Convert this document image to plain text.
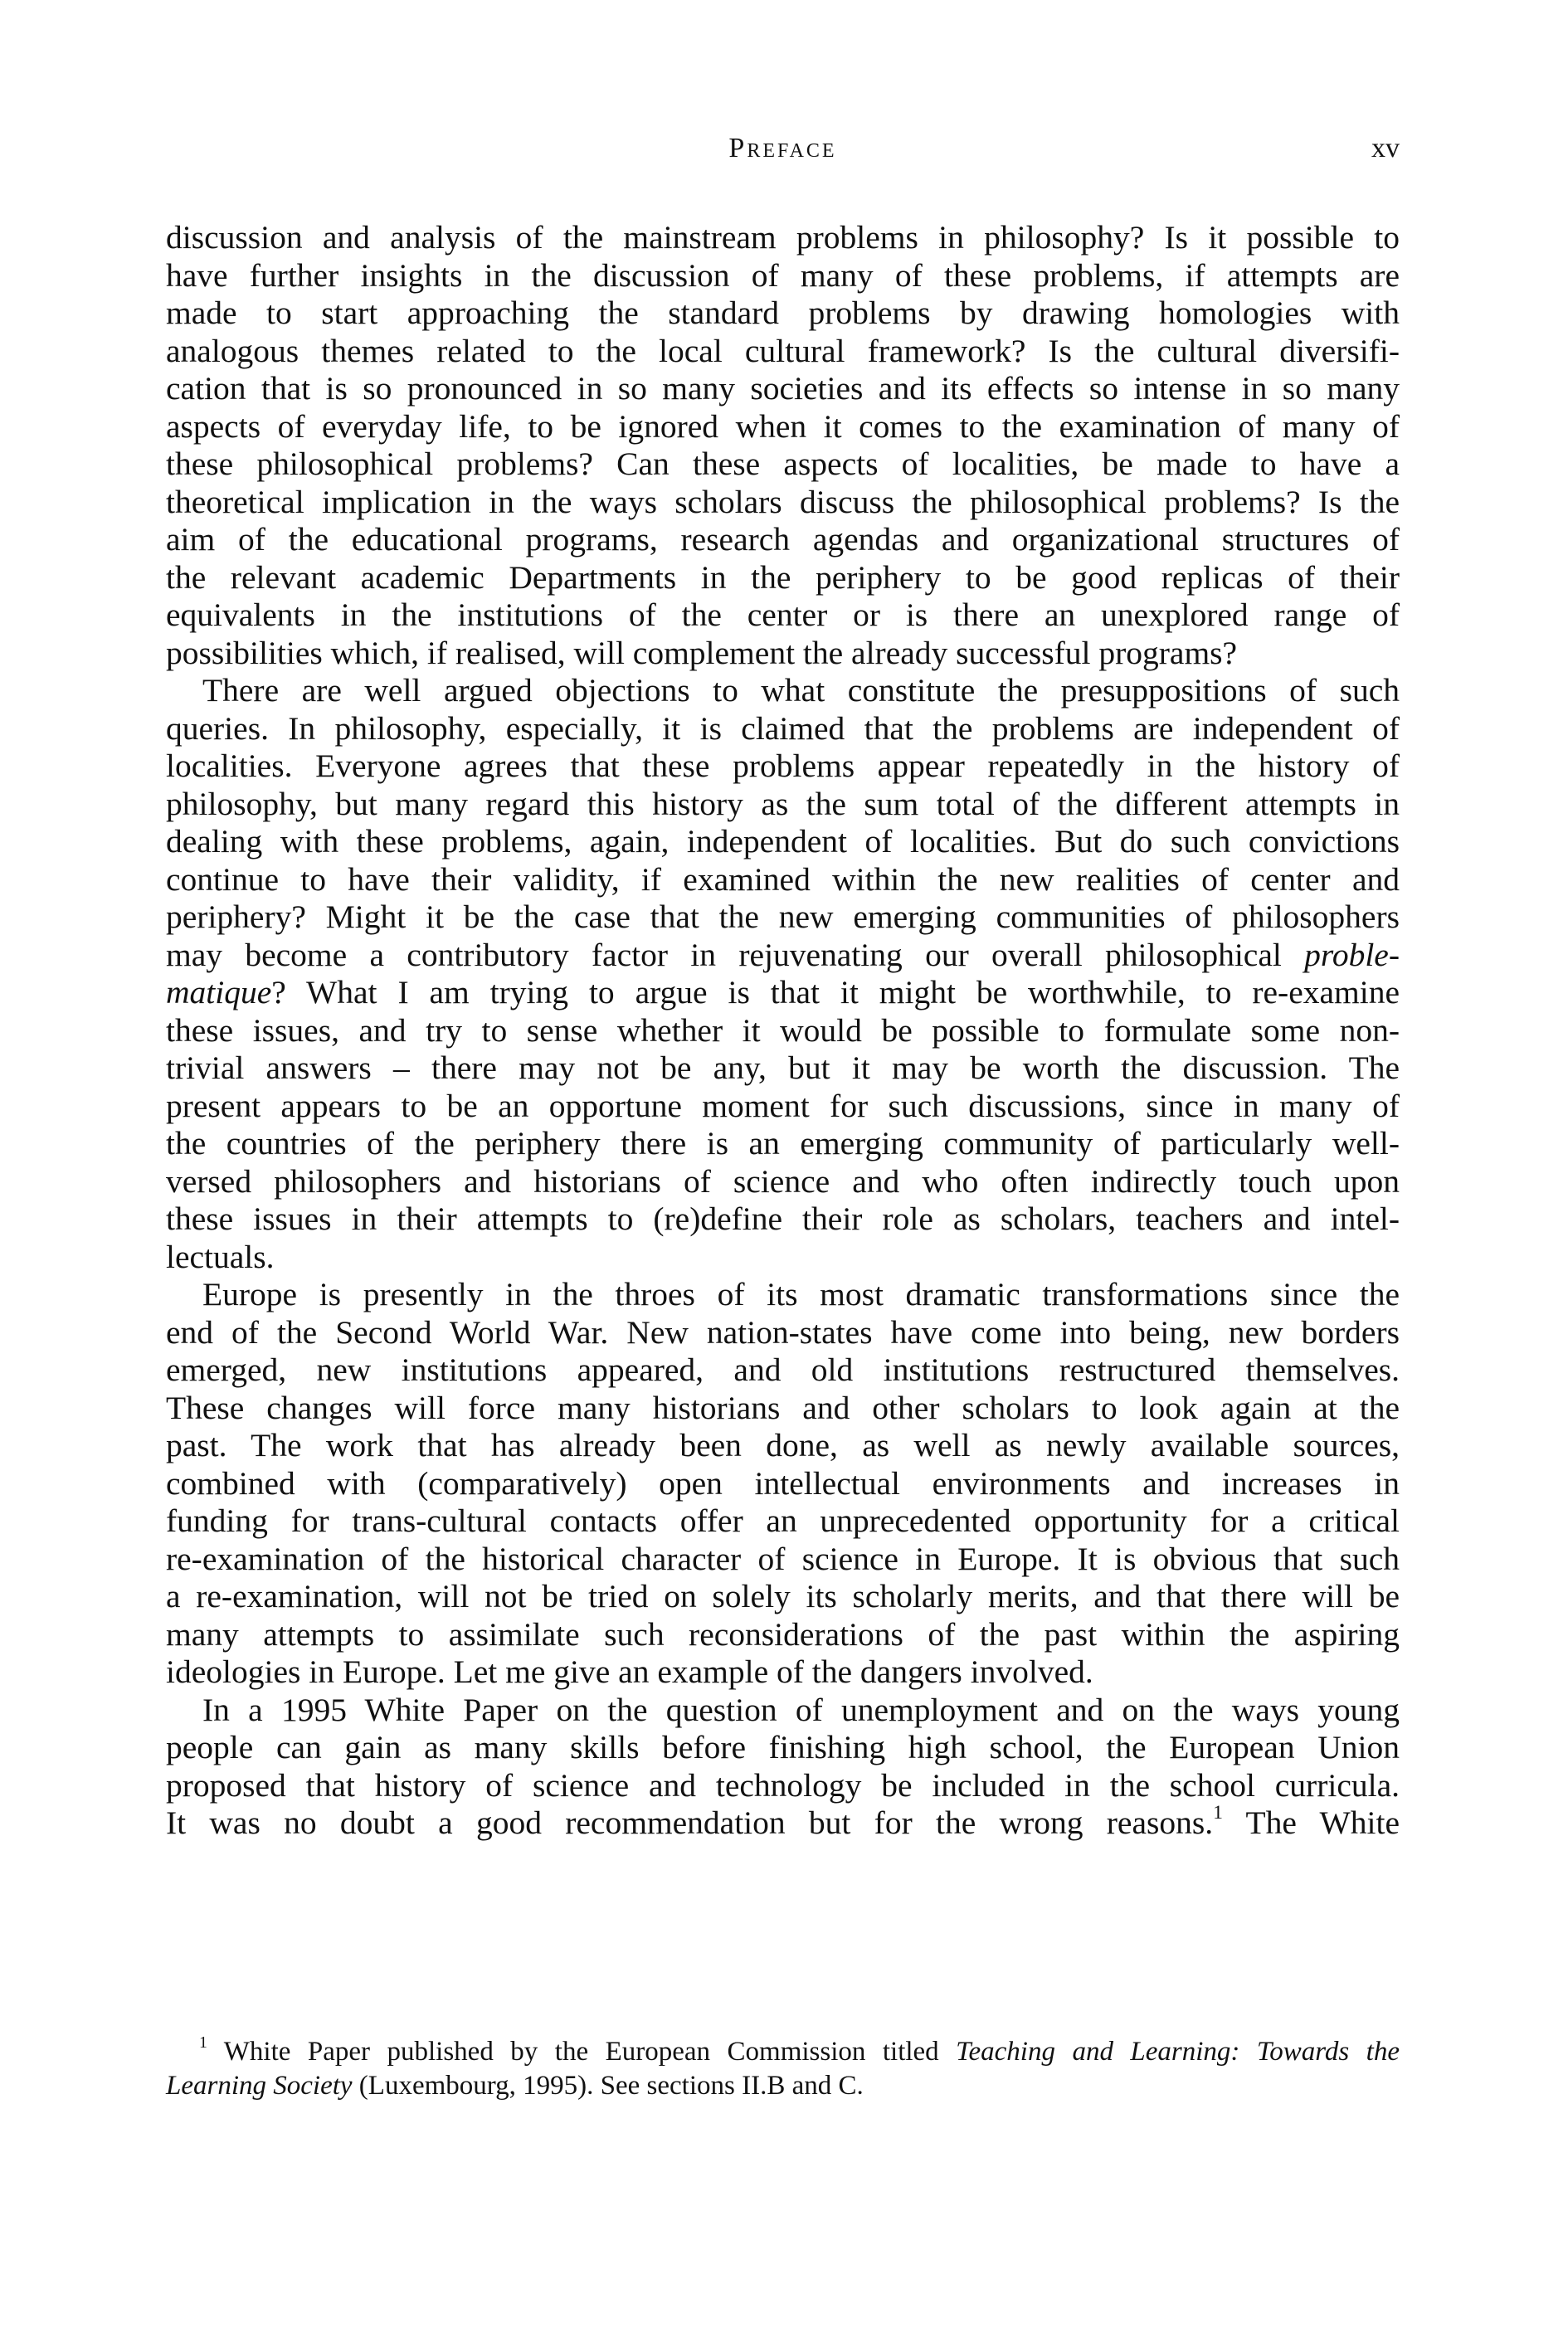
Preface	xv
discussion and analysis of the mainstream problems in philosophy? Is it possible to
have further insights in the discussion of many of these problems, if attempts are
made to start approaching the standard problems by drawing homologies with
analogous themes related to the local cultural framework? Is the cultural diversifi-
cation that is so pronounced in so many societies and its effects so intense in so many
aspects of everyday life, to be ignored when it comes to the examination of many of
these philosophical problems? Can these aspects of localities, be made to have a
theoretical implication in the ways scholars discuss the philosophical problems? Is the
aim of the educational programs, research agendas and organizational structures of
the relevant academic Departments in the periphery to be good replicas of their
equivalents in the institutions of the center or is there an unexplored range of
possibilities which, if realised, will complement the already successful programs?
There are well argued objections to what constitute the presuppositions of such
queries. In philosophy, especially, it is claimed that the problems are independent of
localities. Everyone agrees that these problems appear repeatedly in the history of
philosophy, but many regard this history as the sum total of the different attempts in
dealing with these problems, again, independent of localities. But do such convictions
continue to have their validity, if examined within the new realities of center and
periphery? Might it be the case that the new emerging communities of philosophers
may become a contributory factor in rejuvenating our overall philosophical proble-
matique? What I am trying to argue is that it might be worthwhile, to re-examine
these issues, and try to sense whether it would be possible to formulate some non-
trivial answers – there may not be any, but it may be worth the discussion. The
present appears to be an opportune moment for such discussions, since in many of
the countries of the periphery there is an emerging community of particularly well-
versed philosophers and historians of science and who often indirectly touch upon
these issues in their attempts to (re)define their role as scholars, teachers and intel-
lectuals.
Europe is presently in the throes of its most dramatic transformations since the
end of the Second World War. New nation-states have come into being, new borders
emerged, new institutions appeared, and old institutions restructured themselves.
These changes will force many historians and other scholars to look again at the
past. The work that has already been done, as well as newly available sources,
combined with (comparatively) open intellectual environments and increases in
funding for trans-cultural contacts offer an unprecedented opportunity for a critical
re-examination of the historical character of science in Europe. It is obvious that such
a re-examination, will not be tried on solely its scholarly merits, and that there will be
many attempts to assimilate such reconsiderations of the past within the aspiring
ideologies in Europe. Let me give an example of the dangers involved.
In a 1995 White Paper on the question of unemployment and on the ways young
people can gain as many skills before finishing high school, the European Union
proposed that history of science and technology be included in the school curricula.
It was no doubt a good recommendation but for the wrong reasons.$^1$ The White
$^1$ White Paper published by the European Commission titled Teaching and Learning: Towards the
Learning Society (Luxembourg, 1995). See sections II.B and C.
